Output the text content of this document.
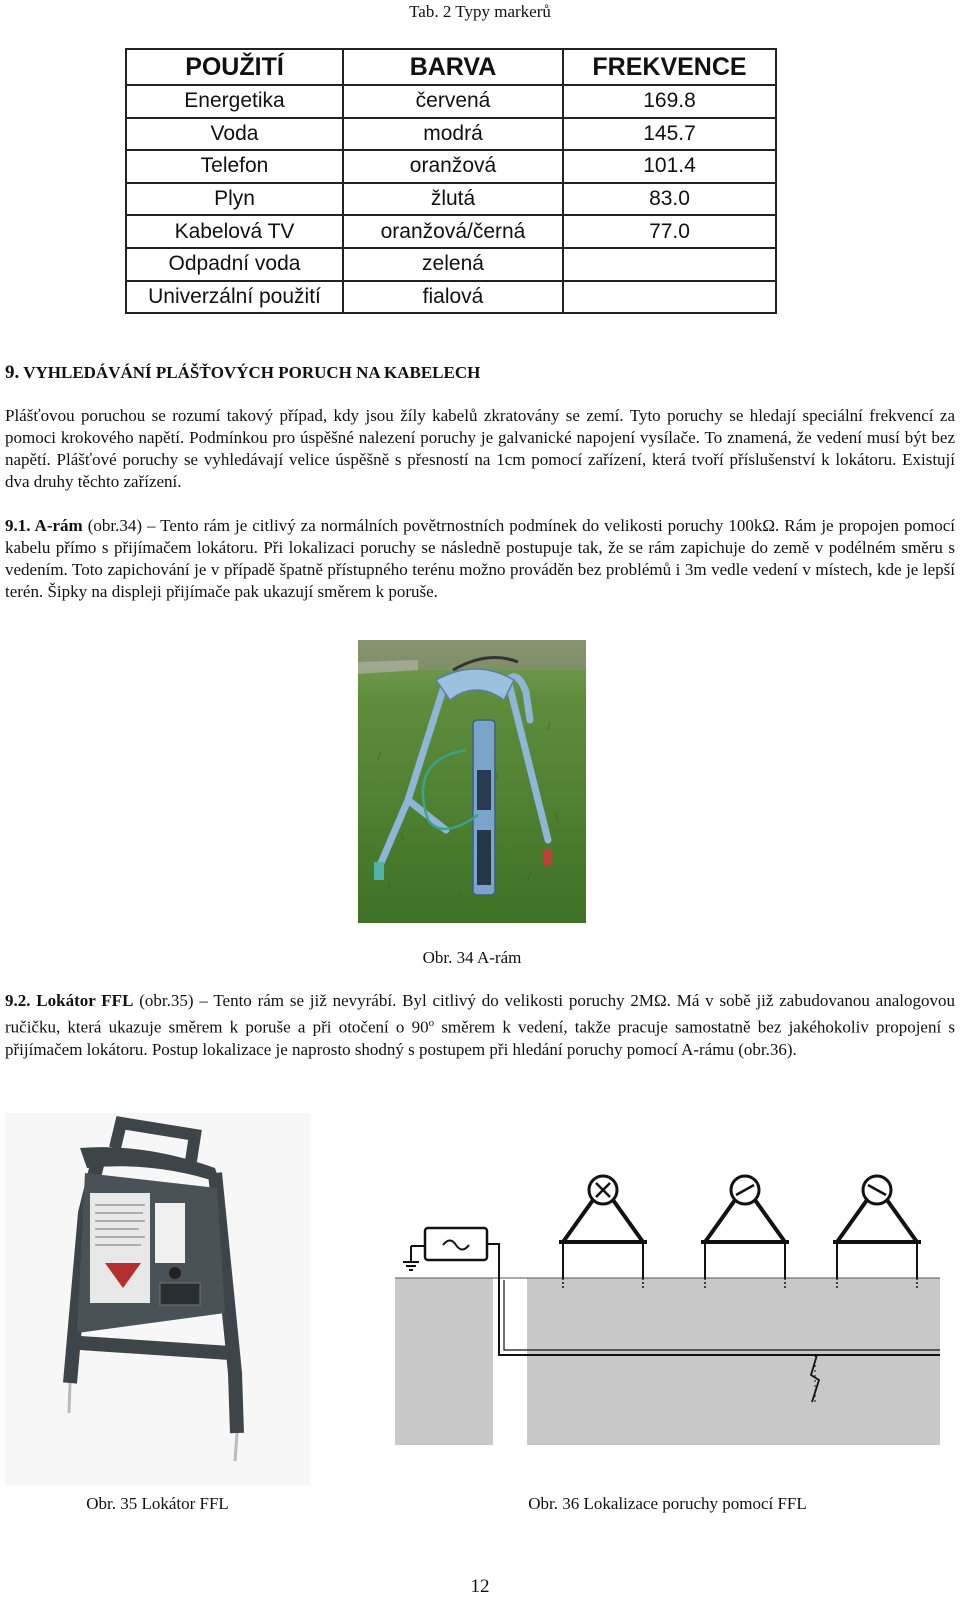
Tab. 2 Typy markerů
POUŽITÍ	BARVA	FREKVENCE
Energetika	červená	169.8
Voda	modrá	145.7
Telefon	oranžová	101.4
Plyn	žlutá	83.0
Kabelová TV	oranžová/černá	77.0
Odpadní voda	zelená	
Univerzální použití	fialová	
9. VYHLEDÁVÁNÍ PLÁŠŤOVÝCH PORUCH NA KABELECH

Plášťovou poruchou se rozumí takový případ, kdy jsou žíly kabelů zkratovány se zemí. Tyto poruchy se hledají speciální frekvencí za pomoci krokového napětí. Podmínkou pro úspěšné nalezení poruchy je galvanické napojení vysílače. To znamená, že vedení musí být bez napětí. Plášťové poruchy se vyhledávají velice úspěšně s přesností na 1cm pomocí zařízení, která tvoří příslušenství k lokátoru. Existují dva druhy těchto zařízení.

9.1. A-rám (obr.34) – Tento rám je citlivý za normálních povětrnostních podmínek do velikosti poruchy 100kΩ. Rám je propojen pomocí kabelu přímo s přijímačem lokátoru. Při lokalizaci poruchy se následně postupuje tak, že se rám zapichuje do země v podélném směru s vedením. Toto zapichování je v případě špatně přístupného terénu možno prováděn bez problémů i 3m vedle vedení v místech, kde je lepší terén. Šipky na displeji přijímače pak ukazují směrem k poruše.

Obr. 34 A-rám

9.2. Lokátor FFL (obr.35) – Tento rám se již nevyrábí. Byl citlivý do velikosti poruchy 2MΩ. Má v sobě již zabudovanou analogovou ručičku, která ukazuje směrem k poruše a při otočení o 90$^o$ směrem k vedení, takže pracuje samostatně bez jakéhokoliv propojení s přijímačem lokátoru. Postup lokalizace je naprosto shodný s postupem při hledání poruchy pomocí A-rámu (obr.36).

Obr. 35 Lokátor FFL	Obr. 36 Lokalizace poruchy pomocí FFL
12
